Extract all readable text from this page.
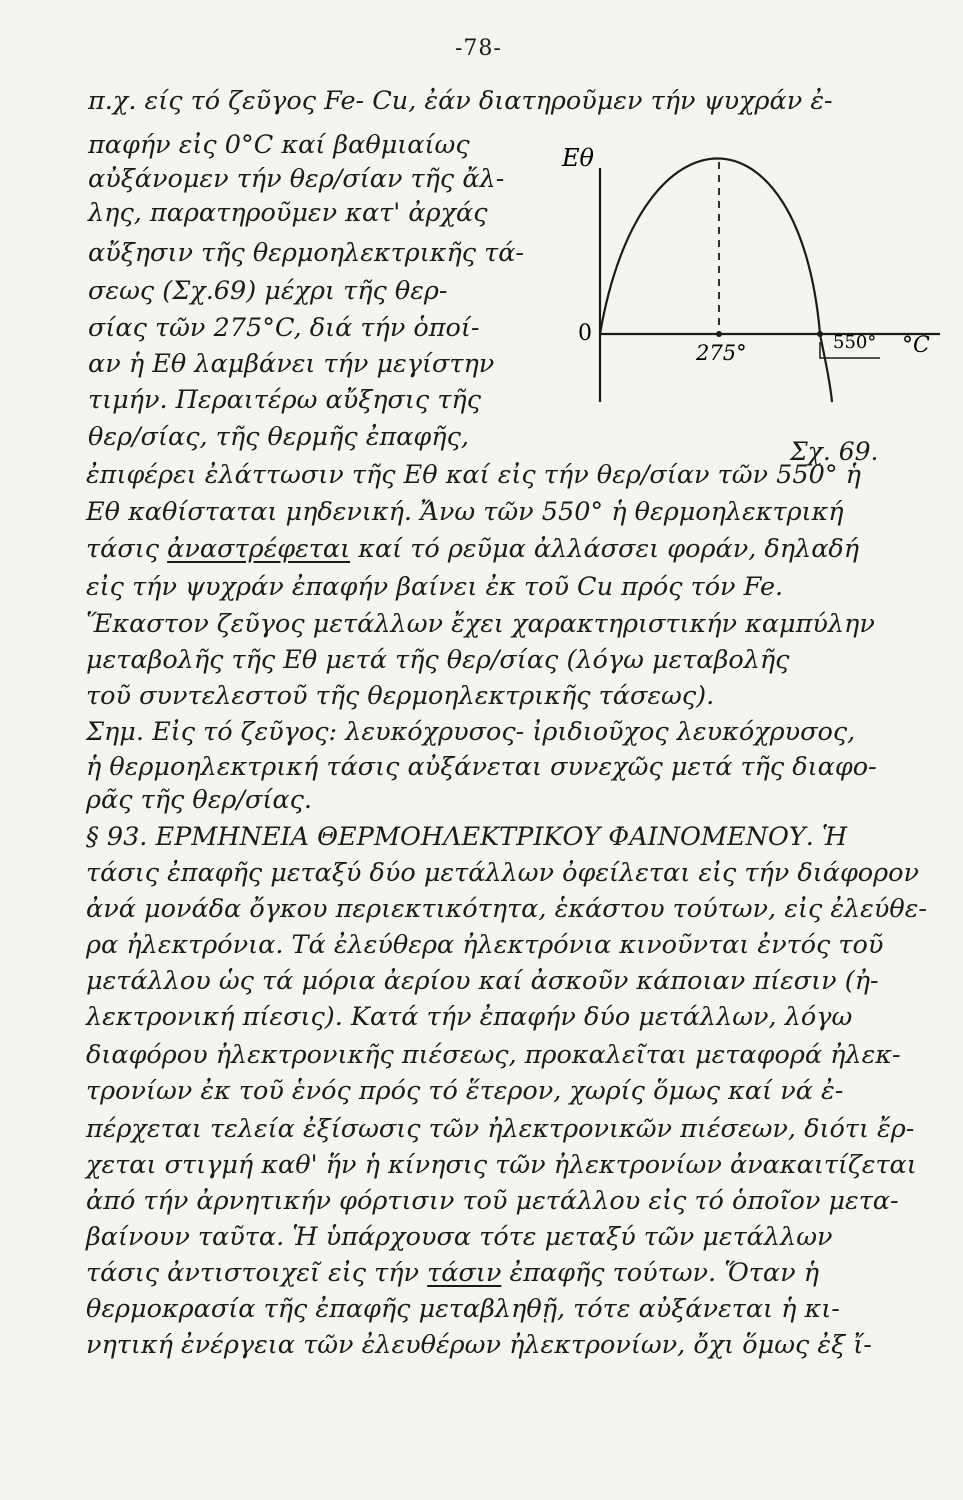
-78-
π.χ. είς τό ζεῦγος Fe- Cu, ἐάν διατηροῦμεν τήν ψυχράν ἐ-
παφήν εἰς 0°C καί βαθμιαίως
αὐξάνομεν τήν θερ/σίαν τῆς ἄλ-
λης, παρατηροῦμεν κατ' ἀρχάς
αὔξησιν τῆς θερμοηλεκτρικῆς τά-
σεως (Σχ.69) μέχρι τῆς θερ-
σίας τῶν 275°C, διά τήν ὁποί-
αν ἡ Eθ λαμβάνει τήν μεγίστην
τιμήν. Περαιτέρω αὔξησις τῆς
θερ/σίας, τῆς θερμῆς ἐπαφῆς,
Eθ
0
275°	550° °C
Σχ. 69.
ἐπιφέρει ἐλάττωσιν τῆς Eθ καί εἰς τήν θερ/σίαν τῶν 550° ἡ
Eθ καθίσταται μηδενική. Ἄνω τῶν 550° ἡ θερμοηλεκτρική
τάσις ἀναστρέφεται καί τό ρεῦμα ἀλλάσσει φοράν, δηλαδή
εἰς τήν ψυχράν ἐπαφήν βαίνει ἐκ τοῦ Cu πρός τόν Fe.
Ἕκαστον ζεῦγος μετάλλων ἔχει χαρακτηριστικήν καμπύλην
μεταβολῆς τῆς Eθ μετά τῆς θερ/σίας (λόγω μεταβολῆς
τοῦ συντελεστοῦ τῆς θερμοηλεκτρικῆς τάσεως).
Σημ. Εἰς τό ζεῦγος: λευκόχρυσος- ἰριδιοῦχος λευκόχρυσος,
ἡ θερμοηλεκτρική τάσις αὐξάνεται συνεχῶς μετά τῆς διαφο-
ρᾶς τῆς θερ/σίας.
§ 93. ΕΡΜΗΝΕΙΑ ΘΕΡΜΟΗΛΕΚΤΡΙΚΟΥ ΦΑΙΝΟΜΕΝΟΥ. Ἡ
τάσις ἐπαφῆς μεταξύ δύο μετάλλων ὀφείλεται εἰς τήν διάφορον
ἀνά μονάδα ὄγκου περιεκτικότητα, ἑκάστου τούτων, εἰς ἐλεύθε-
ρα ἠλεκτρόνια. Τά ἐλεύθερα ἠλεκτρόνια κινοῦνται ἐντός τοῦ
μετάλλου ὡς τά μόρια ἀερίου καί ἀσκοῦν κάποιαν πίεσιν (ἠ-
λεκτρονική πίεσις). Κατά τήν ἐπαφήν δύο μετάλλων, λόγω
διαφόρου ἠλεκτρονικῆς πιέσεως, προκαλεῖται μεταφορά ἠλεκ-
τρονίων ἐκ τοῦ ἑνός πρός τό ἕτερον, χωρίς ὅμως καί νά ἐ-
πέρχεται τελεία ἐξίσωσις τῶν ἠλεκτρονικῶν πιέσεων, διότι ἔρ-
χεται στιγμή καθ' ἥν ἡ κίνησις τῶν ἠλεκτρονίων ἀνακαιτίζεται
ἀπό τήν ἀρνητικήν φόρτισιν τοῦ μετάλλου εἰς τό ὁποῖον μετα-
βαίνουν ταῦτα. Ἡ ὑπάρχουσα τότε μεταξύ τῶν μετάλλων
τάσις ἀντιστοιχεῖ εἰς τήν τάσιν ἐπαφῆς τούτων. Ὅταν ἡ
θερμοκρασία τῆς ἐπαφῆς μεταβληθῇ, τότε αὐξάνεται ἡ κι-
νητική ἐνέργεια τῶν ἐλευθέρων ἠλεκτρονίων, ὄχι ὅμως ἐξ ἴ-
